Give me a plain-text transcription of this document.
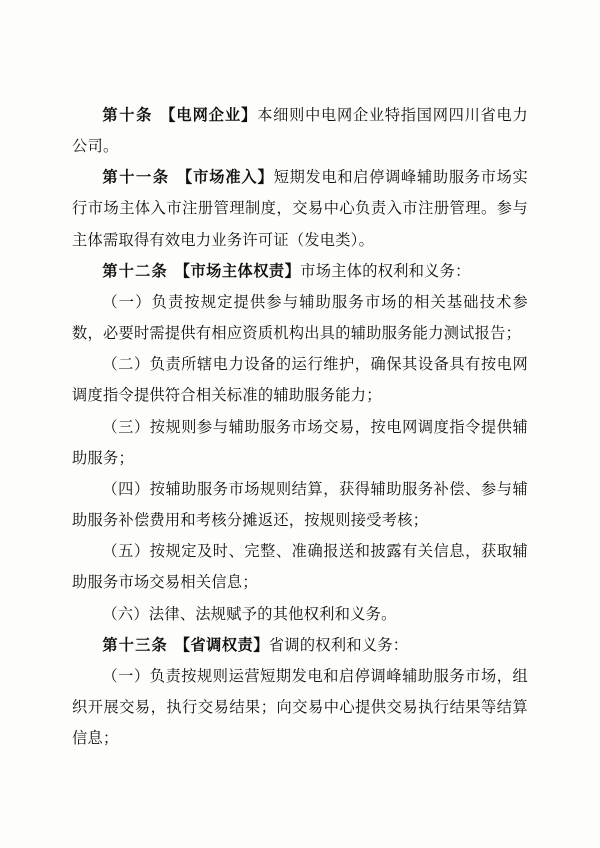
第十条 【电网企业】本细则中电网企业特指国网四川省电力公司。

第十一条 【市场准入】短期发电和启停调峰辅助服务市场实行市场主体入市注册管理制度，交易中心负责入市注册管理。参与主体需取得有效电力业务许可证（发电类）。

第十二条 【市场主体权责】市场主体的权利和义务：

（一）负责按规定提供参与辅助服务市场的相关基础技术参数，必要时需提供有相应资质机构出具的辅助服务能力测试报告；

（二）负责所辖电力设备的运行维护，确保其设备具有按电网调度指令提供符合相关标准的辅助服务能力；

（三）按规则参与辅助服务市场交易，按电网调度指令提供辅助服务；

（四）按辅助服务市场规则结算，获得辅助服务补偿、参与辅助服务补偿费用和考核分摊返还，按规则接受考核；

（五）按规定及时、完整、准确报送和披露有关信息，获取辅助服务市场交易相关信息；

（六）法律、法规赋予的其他权利和义务。

第十三条 【省调权责】省调的权利和义务：

（一）负责按规则运营短期发电和启停调峰辅助服务市场，组织开展交易，执行交易结果；向交易中心提供交易执行结果等结算信息；
